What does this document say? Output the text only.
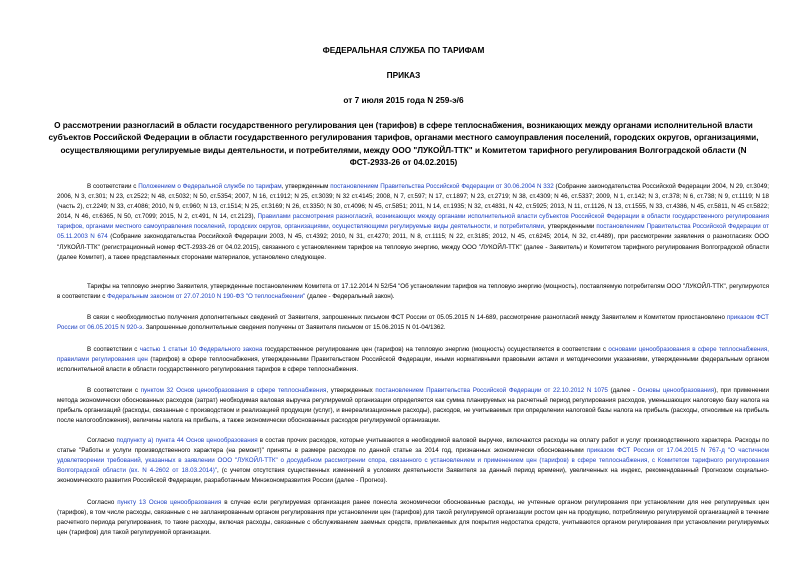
ФЕДЕРАЛЬНАЯ СЛУЖБА ПО ТАРИФАМ
ПРИКАЗ
от 7 июля 2015 года N 259-э/6
О рассмотрении разногласий в области государственного регулирования цен (тарифов) в сфере теплоснабжения, возникающих между органами исполнительной власти субъектов Российской Федерации в области государственного регулирования тарифов, органами местного самоуправления поселений, городских округов, организациями, осуществляющими регулируемые виды деятельности, и потребителями, между ООО "ЛУКОЙЛ-ТТК" и Комитетом тарифного регулирования Волгоградской области (N ФСТ-2933-26 от 04.02.2015)

В соответствии с Положением о Федеральной службе по тарифам, утвержденным постановлением Правительства Российской Федерации от 30.06.2004 N 332 (Собрание законодательства Российской Федерации 2004, N 29, ст.3049; 2006, N 3, ст.301; N 23, ст.2522; N 48, ст.5032; N 50, ст.5354; 2007, N 16, ст.1912; N 25, ст.3039; N 32 ст.4145; 2008, N 7, ст.597; N 17, ст.1897; N 23, ст.2719; N 38, ст.4309; N 46, ст.5337; 2009, N 1, ст.142; N 3, ст.378; N 6, ст.738; N 9, ст.1119; N 18 (часть 2), ст.2249; N 33, ст.4086; 2010, N 9, ст.960; N 13, ст.1514; N 25, ст.3169; N 26, ст.3350; N 30, ст.4096; N 45, ст.5851; 2011, N 14, ст.1935; N 32, ст.4831, N 42, ст.5925; 2013, N 11, ст.1126, N 13, ст.1555, N 33, ст.4386, N 45, ст.5811, N 45 ст.5822; 2014, N 46, ст.6365, N 50, ст.7099; 2015, N 2, ст.491, N 14, ст.2123), Правилами рассмотрения разногласий, возникающих между органами исполнительной власти субъектов Российской Федерации в области государственного регулирования тарифов, органами местного самоуправления поселений, городских округов, организациями, осуществляющими регулируемые виды деятельности, и потребителями, утвержденными постановлением Правительства Российской Федерации от 05.11.2003 N 674 (Собрание законодательства Российской Федерации 2003, N 45, ст.4392; 2010, N 31, ст.4270; 2011, N 8, ст.1115; N 22, ст.3185; 2012, N 45, ст.6245; 2014, N 32, ст.4489), при рассмотрении заявления о разногласиях ООО "ЛУКОЙЛ-ТТК" (регистрационный номер ФСТ-2933-26 от 04.02.2015), связанного с установлением тарифов на тепловую энергию, между ООО "ЛУКОЙЛ-ТТК" (далее - Заявитель) и Комитетом тарифного регулирования Волгоградской области (далее Комитет), а также представленных сторонами материалов, установлено следующее.

Тарифы на тепловую энергию Заявителя, утвержденные постановлением Комитета от 17.12.2014 N 52/54 "Об установлении тарифов на тепловую энергию (мощность), поставляемую потребителям ООО "ЛУКОЙЛ-ТТК", регулируются в соответствии с Федеральным законом от 27.07.2010 N 190-ФЗ "О теплоснабжении" (далее - Федеральный закон).

В связи с необходимостью получения дополнительных сведений от Заявителя, запрошенных письмом ФСТ России от 05.05.2015 N 14-689, рассмотрение разногласий между Заявителем и Комитетом приостановлено приказом ФСТ России от 06.05.2015 N 920-э. Запрошенные дополнительные сведения получены от Заявителя письмом от 15.06.2015 N 01-04/1362.

В соответствии с частью 1 статьи 10 Федерального закона государственное регулирование цен (тарифов) на тепловую энергию (мощность) осуществляется в соответствии с основами ценообразования в сфере теплоснабжения, правилами регулирования цен (тарифов) в сфере теплоснабжения, утвержденными Правительством Российской Федерации, иными нормативными правовыми актами и методическими указаниями, утвержденными федеральным органом исполнительной власти в области государственного регулирования тарифов в сфере теплоснабжения.

В соответствии с пунктом 32 Основ ценообразования в сфере теплоснабжения, утвержденных постановлением Правительства Российской Федерации от 22.10.2012 N 1075 (далее - Основы ценообразования), при применении метода экономически обоснованных расходов (затрат) необходимая валовая выручка регулируемой организации определяется как сумма планируемых на расчетный период регулирования расходов, уменьшающих налоговую базу налога на прибыль организаций (расходы, связанные с производством и реализацией продукции (услуг), и внереализационные расходы), расходов, не учитываемых при определении налоговой базы налога на прибыль (расходы, относимые на прибыль после налогообложения), величины налога на прибыль, а также экономически обоснованных расходов регулируемой организации.

Согласно подпункту а) пункта 44 Основ ценообразования в состав прочих расходов, которые учитываются в необходимой валовой выручке, включаются расходы на оплату работ и услуг производственного характера. Расходы по статье "Работы и услуги производственного характера (на ремонт)" приняты в размере расходов по данной статье за 2014 год, признанных экономически обоснованными приказом ФСТ России от 17.04.2015 N 767-д "О частичном удовлетворении требований, указанных в заявлении ООО "ЛУКОЙЛ-ТТК" о досудебном рассмотрении спора, связанного с установлением и применением цен (тарифов) в сфере теплоснабжения, с Комитетом тарифного регулирования Волгоградской области (вх. N 4-2602 от 18.03.2014)", (с учетом отсутствия существенных изменений в условиях деятельности Заявителя за данный период времени), увеличенных на индекс, рекомендованный Прогнозом социально-экономического развития Российской Федерации, разработанным Минэкономразвития России (далее - Прогноз).

Согласно пункту 13 Основ ценообразования в случае если регулируемая организация ранее понесла экономически обоснованные расходы, не учтенные органом регулирования при установлении для нее регулируемых цен (тарифов), в том числе расходы, связанные с не запланированным органом регулирования при установлении цен (тарифов) для такой регулируемой организации ростом цен на продукцию, потребляемую регулируемой организацией в течение расчетного периода регулирования, то такие расходы, включая расходы, связанные с обслуживанием заемных средств, привлекаемых для покрытия недостатка средств, учитываются органом регулирования при установлении регулируемых цен (тарифов) для такой регулируемой организации.
